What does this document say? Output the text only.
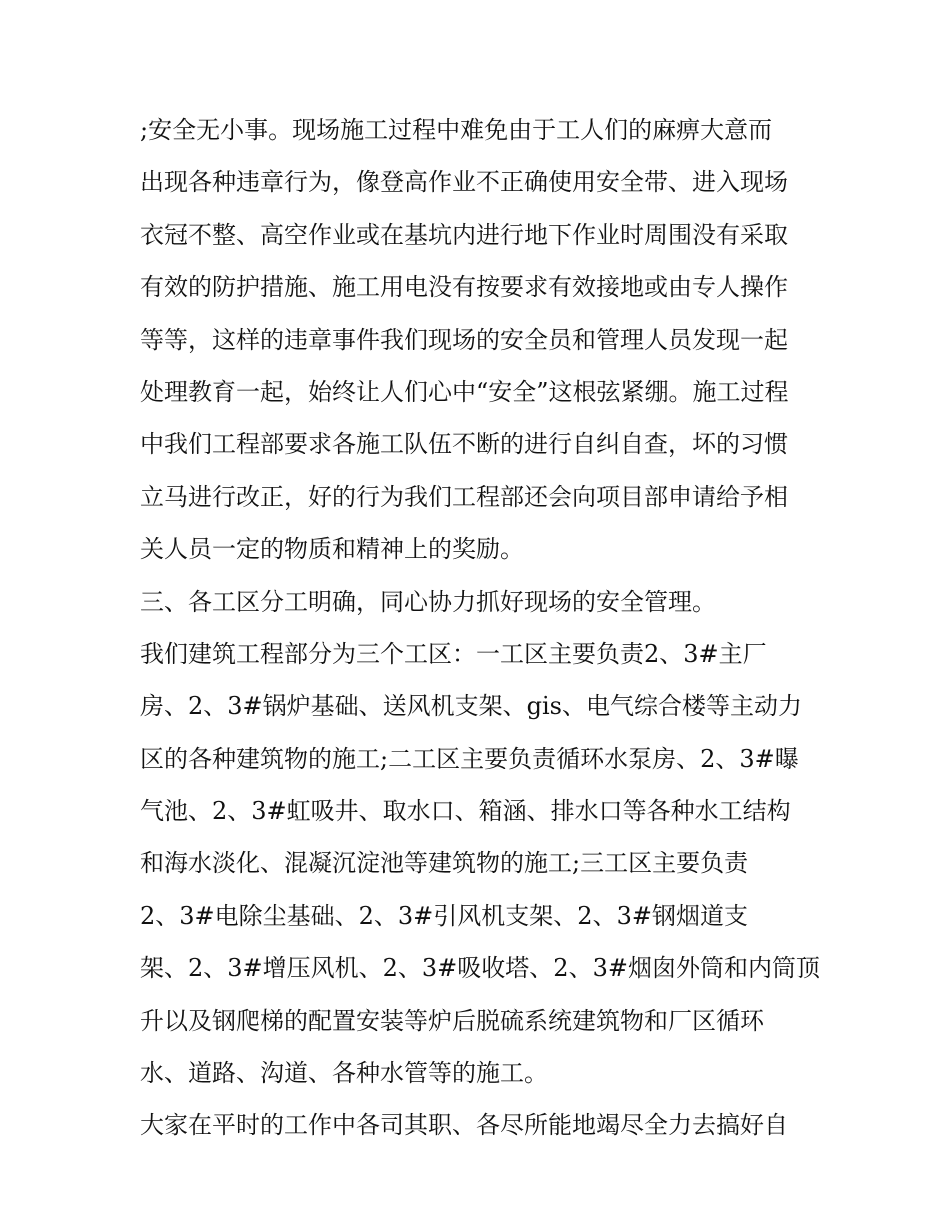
;安全无小事。现场施工过程中难免由于工人们的麻痹大意而
出现各种违章行为，像登高作业不正确使用安全带、进入现场
衣冠不整、高空作业或在基坑内进行地下作业时周围没有采取
有效的防护措施、施工用电没有按要求有效接地或由专人操作
等等，这样的违章事件我们现场的安全员和管理人员发现一起
处理教育一起，始终让人们心中“安全”这根弦紧绷。施工过程
中我们工程部要求各施工队伍不断的进行自纠自查，坏的习惯
立马进行改正，好的行为我们工程部还会向项目部申请给予相
关人员一定的物质和精神上的奖励。
三、各工区分工明确，同心协力抓好现场的安全管理。
我们建筑工程部分为三个工区：一工区主要负责2、3#主厂
房、2、3#锅炉基础、送风机支架、gis、电气综合楼等主动力
区的各种建筑物的施工;二工区主要负责循环水泵房、2、3#曝
气池、2、3#虹吸井、取水口、箱涵、排水口等各种水工结构
和海水淡化、混凝沉淀池等建筑物的施工;三工区主要负责
2、3#电除尘基础、2、3#引风机支架、2、3#钢烟道支
架、2、3#增压风机、2、3#吸收塔、2、3#烟囱外筒和内筒顶
升以及钢爬梯的配置安装等炉后脱硫系统建筑物和厂区循环
水、道路、沟道、各种水管等的施工。
大家在平时的工作中各司其职、各尽所能地竭尽全力去搞好自
